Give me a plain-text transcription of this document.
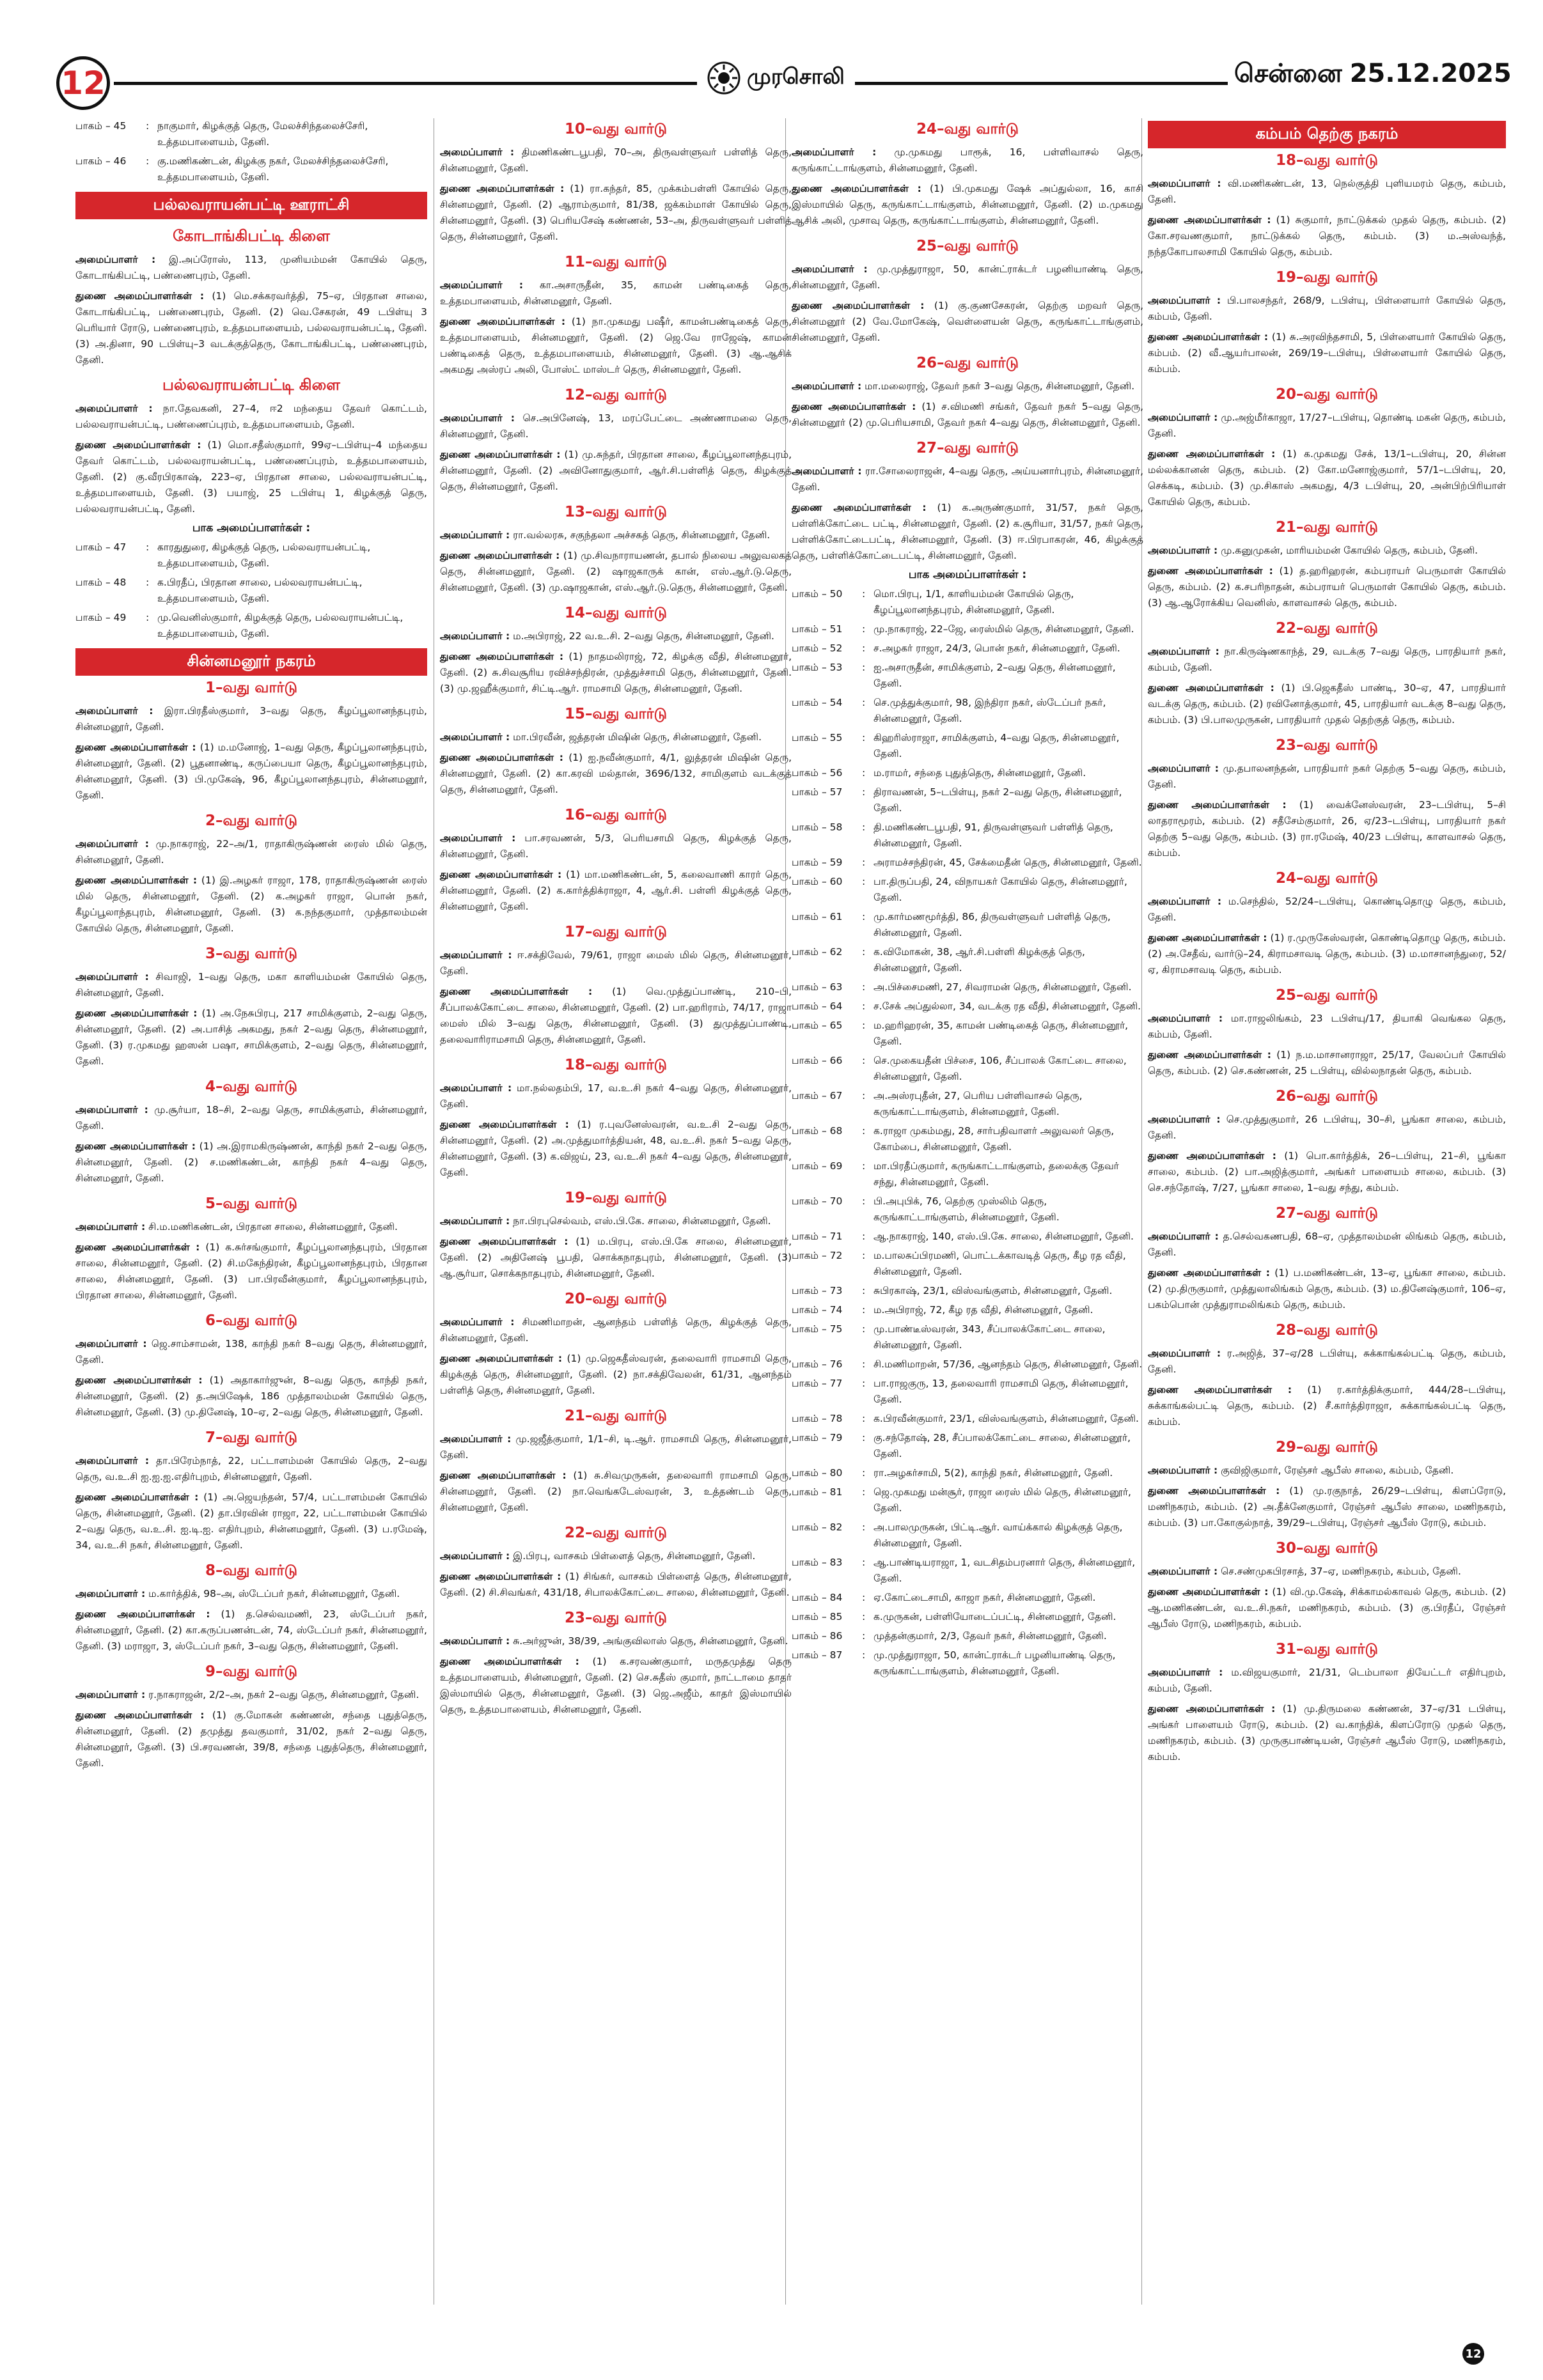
12	முரசொலி	சென்னை 25.12.2025
பாகம் – 45	: நாகுமார், கிழக்குத் தெரு, மேலச்சிந்தலைச்சேரி, உத்தமபாளையம், தேனி.
பாகம் – 46	: கு.மணிகண்டன், கிழக்கு நகர், மேலச்சிந்தலைச்சேரி, உத்தமபாளையம், தேனி.
பல்லவராயன்பட்டி ஊராட்சி
கோடாங்கிபட்டி கிளை

அமைப்பாளர் : இ.அப்ரோஸ், 113, முனியம்மன் கோயில் தெரு, கோடாங்கிபட்டி, பண்ணைபுரம், தேனி.

துணை அமைப்பாளர்கள் : (1) மெ.சக்கரவர்த்தி, 75–ஏ, பிரதான சாலை, கோடாங்கிபட்டி, பண்ணைபுரம், தேனி. (2) வெ.சேகரன், 49 டபிள்யு 3 பெரியார் ரோடு, பண்ணைபுரம், உத்தமபாளையம், பல்லவராயன்பட்டி, தேனி. (3) அ.தினா, 90 டபிள்யு–3 வடக்குத்தெரு, கோடாங்கிபட்டி, பண்ணைபுரம், தேனி.

பல்லவராயன்பட்டி கிளை

அமைப்பாளர் : நா.தேவகனி, 27–4, ஈ2 மந்தைய தேவர் கொட்டம், பல்லவராயன்பட்டி, பண்ணைப்புரம், உத்தமபாளையம், தேனி.

துணை அமைப்பாளர்கள் : (1) மொ.சதீஸ்குமார், 99ஏ–டபிள்யு–4 மந்தைய தேவர் கொட்டம், பல்லவராயன்பட்டி, பண்ணைப்புரம், உத்தமபாளையம், தேனி. (2) கு.வீரபிரகாஷ், 223–ஏ, பிரதான சாலை, பல்லவராயன்பட்டி, உத்தமபாளையம், தேனி. (3) பயாஜ், 25 டபிள்யு 1, கிழக்குத் தெரு, பல்லவராயன்பட்டி, தேனி.

பாக அமைப்பாளர்கள் :
பாகம் – 47	: காரதுதுரை, கிழக்குத் தெரு, பல்லவராயன்பட்டி, உத்தமபாளையம், தேனி.
பாகம் – 48	: க.பிரதீப், பிரதான சாலை, பல்லவராயன்பட்டி, உத்தமபாளையம், தேனி.
பாகம் – 49	: மு.வெனிஸ்குமார், கிழக்குத் தெரு, பல்லவராயன்பட்டி, உத்தமபாளையம், தேனி.
சின்னமனூர் நகரம்
1–வது வார்டு

அமைப்பாளர் : இரா.பிரதீஸ்குமார், 3–வது தெரு, கீழப்பூலானந்தபுரம், சின்னமனூர், தேனி.

துணை அமைப்பாளர்கள் : (1) ம.மனோஜ், 1–வது தெரு, கீழப்பூலானந்தபுரம், சின்னமனூர், தேனி. (2) பூதனாண்டி, கருப்பையா தெரு, கீழப்பூலானந்தபுரம், சின்னமனூர், தேனி. (3) பி.முகேஷ், 96, கீழப்பூலானந்தபுரம், சின்னமனூர், தேனி.

2–வது வார்டு

அமைப்பாளர் : மு.நாகராஜ், 22–அ/1, ராதாகிருஷ்ணன் ரைஸ் மில் தெரு, சின்னமனூர், தேனி.

துணை அமைப்பாளர்கள் : (1) இ.அழகர் ராஜா, 178, ராதாகிருஷ்ணன் ரைஸ் மில் தெரு, சின்னமனூர், தேனி. (2) க.அழகர் ராஜா, பொன் நகர், கீழப்பூலாந்தபுரம், சின்னமனூர், தேனி. (3) க.நந்தகுமார், முத்தாலம்மன் கோயில் தெரு, சின்னமனூர், தேனி.

3–வது வார்டு

அமைப்பாளர் : சிவாஜி, 1–வது தெரு, மகா காளியம்மன் கோயில் தெரு, சின்னமனூர், தேனி.

துணை அமைப்பாளர்கள் : (1) அ.நேசுபிரபு, 217 சாமிக்குளம், 2–வது தெரு, சின்னமனூர், தேனி. (2) அ.பாசித் அகமது, நகர் 2–வது தெரு, சின்னமனூர், தேனி. (3) ர.முகமது ஹஸன் பஷா, சாமிக்குளம், 2–வது தெரு, சின்னமனூர், தேனி.

4–வது வார்டு

அமைப்பாளர் : மு.சூர்யா, 18–சி, 2–வது தெரு, சாமிக்குளம், சின்னமனூர், தேனி.

துணை அமைப்பாளர்கள் : (1) அ.இராமகிருஷ்ணன், காந்தி நகர் 2–வது தெரு, சின்னமனூர், தேனி. (2) ச.மணிகண்டன், காந்தி நகர் 4–வது தெரு, சின்னமனூர், தேனி.

5–வது வார்டு

அமைப்பாளர் : சி.ம.மணிகண்டன், பிரதான சாலை, சின்னமனூர், தேனி.

துணை அமைப்பாளர்கள் : (1) க.சுர்சங்குமார், கீழப்பூலானந்தபுரம், பிரதான சாலை, சின்னமனூர், தேனி. (2) சி.மகேந்திரன், கீழப்பூலானந்தபுரம், பிரதான சாலை, சின்னமனூர், தேனி. (3) பா.பிரவீன்குமார், கீழப்பூலானந்தபுரம், பிரதான சாலை, சின்னமனூர், தேனி.

6–வது வார்டு

அமைப்பாளர் : ஜெ.சாம்சாமன், 138, காந்தி நகர் 8–வது தெரு, சின்னமனூர், தேனி.

துணை அமைப்பாளர்கள் : (1) அதாகார்ஜுன், 8–வது தெரு, காந்தி நகர், சின்னமனூர், தேனி. (2) த.அபிஷேக், 186 முத்தாலம்மன் கோயில் தெரு, சின்னமனூர், தேனி. (3) மு.தினேஷ், 10–ஏ, 2–வது தெரு, சின்னமனூர், தேனி.

7–வது வார்டு

அமைப்பாளர் : தா.பிரேம்நாத், 22, பட்டாளம்மன் கோயில் தெரு, 2–வது தெரு, வ.உ.சி ஐ.ஐ.ஐ.எதிர்புறம், சின்னமனூர், தேனி.

துணை அமைப்பாளர்கள் : (1) அ.ஜெயந்தன், 57/4, பட்டாளம்மன் கோயில் தெரு, சின்னமனூர், தேனி. (2) தா.பிரவின் ராஜா, 22, பட்டாளம்மன் கோயில் 2–வது தெரு, வ.உ.சி. ஐ.டி.ஐ. எதிர்புறம், சின்னமனூர், தேனி. (3) ப.ரமேஷ், 34, வ.உ.சி நகர், சின்னமனூர், தேனி.

8–வது வார்டு

அமைப்பாளர் : ம.கார்த்திக், 98–அ, ஸ்டேப்பர் நகர், சின்னமனூர், தேனி.

துணை அமைப்பாளர்கள் : (1) த.செல்வமணி, 23, ஸ்டேப்பர் நகர், சின்னமனூர், தேனி. (2) கா.கருப்பணன்டன், 74, ஸ்டேப்பர் நகர், சின்னமனூர், தேனி. (3) மராஜா, 3, ஸ்டேப்பர் நகர், 3–வது தெரு, சின்னமனூர், தேனி.

9–வது வார்டு

அமைப்பாளர் : ர.நாகராஜன், 2/2–அ, நகர் 2–வது தெரு, சின்னமனூர், தேனி.

துணை அமைப்பாளர்கள் : (1) கு.மோகன் கண்ணன், சந்தை புதுத்தெரு, சின்னமனூர், தேனி. (2) தமுத்து தவகுமார், 31/02, நகர் 2–வது தெரு, சின்னமனூர், தேனி. (3) பி.சரவணன், 39/8, சந்தை புதுத்தெரு, சின்னமனூர், தேனி.

10–வது வார்டு

அமைப்பாளர் : திமணிகண்டபூபதி, 70–அ, திருவள்ளுவர் பள்ளித் தெரு, சின்னமனூர், தேனி.

துணை அமைப்பாளர்கள் : (1) ரா.கந்தர், 85, முக்கம்பள்ளி கோயில் தெரு, சின்னமனூர், தேனி. (2) ஆராம்குமார், 81/38, ஜக்கம்மாள் கோயில் தெரு, சின்னமனூர், தேனி. (3) பெரியசேஷ் கண்ணன், 53–அ, திருவள்ளுவர் பள்ளித் தெரு, சின்னமனூர், தேனி.

11–வது வார்டு

அமைப்பாளர் : கா.அசாருதீன், 35, காமன் பண்டிகைத் தெரு, உத்தமபாளையம், சின்னமனூர், தேனி.

துணை அமைப்பாளர்கள் : (1) நா.முகமது பஷீர், காமன்பண்டிகைத் தெரு, உத்தமபாளையம், சின்னமனூர், தேனி. (2) ஜெ.வே ராஜேஷ், காமன் பண்டிகைத் தெரு, உத்தமபாளையம், சின்னமனூர், தேனி. (3) ஆ.ஆசிக் அகமது அஸ்ரப் அலி, போஸ்ட் மாஸ்டர் தெரு, சின்னமனூர், தேனி.

12–வது வார்டு

அமைப்பாளர் : செ.அபினேஷ், 13, மரப்பேட்டை அண்ணாமலை தெரு, சின்னமனூர், தேனி.

துணை அமைப்பாளர்கள் : (1) மு.சுந்தர், பிரதான சாலை, கீழப்பூலானந்தபுரம், சின்னமனூர், தேனி. (2) அவினோதுகுமார், ஆர்.சி.பள்ளித் தெரு, கிழக்குத் தெரு, சின்னமனூர், தேனி.

13–வது வார்டு

அமைப்பாளர் : ரா.வல்லரசு, சகுந்தலா அச்சகத் தெரு, சின்னமனூர், தேனி.

துணை அமைப்பாளர்கள் : (1) மு.சிவநாராயணன், தபால் நிலைய அலுவலகத் தெரு, சின்னமனூர், தேனி. (2) ஷாஜகாருக் கான், எஸ்.ஆர்.டு.தெரு, சின்னமனூர், தேனி. (3) மு.ஷாஜகான், எஸ்.ஆர்.டு.தெரு, சின்னமனூர், தேனி.

14–வது வார்டு

அமைப்பாளர் : ம.அபிராஜ், 22 வ.உ.சி. 2–வது தெரு, சின்னமனூர், தேனி.

துணை அமைப்பாளர்கள் : (1) நாதமலிராஜ், 72, கிழக்கு வீதி, சின்னமனூர், தேனி. (2) சு.சிவசூரிய ரவிச்சந்திரன், முத்துச்சாமி தெரு, சின்னமனூர், தேனி. (3) மு.ஜஹீக்குமார், சிட்டி.ஆர். ராமசாமி தெரு, சின்னமனூர், தேனி.

15–வது வார்டு

அமைப்பாளர் : மா.பிரவீன், ஜத்தரன் மிஷின் தெரு, சின்னமனூர், தேனி.

துணை அமைப்பாளர்கள் : (1) ஐ.நவீன்குமார், 4/1, லுத்தரன் மிஷின் தெரு, சின்னமனூர், தேனி. (2) கா.கரவி மல்தான், 3696/132, சாமிகுளம் வடக்குத் தெரு, சின்னமனூர், தேனி.

16–வது வார்டு

அமைப்பாளர் : பா.சரவணன், 5/3, பெரியசாமி தெரு, கிழக்குத் தெரு, சின்னமனூர், தேனி.

துணை அமைப்பாளர்கள் : (1) மா.மணிகண்டன், 5, கலைவாணி காரர் தெரு, சின்னமனூர், தேனி. (2) க.கார்த்திக்ராஜா, 4, ஆர்.சி. பள்ளி கிழக்குத் தெரு, சின்னமனூர், தேனி.

17–வது வார்டு

அமைப்பாளர் : ஈ.சக்திவேல், 79/61, ராஜா மைஸ் மில் தெரு, சின்னமனூர், தேனி.

துணை அமைப்பாளர்கள் : (1) வெ.முத்துப்பாண்டி, 210–பி, சீப்பாலக்கோட்டை சாலை, சின்னமனூர், தேனி. (2) பா.ஹரிராம், 74/17, ராஜா மைஸ் மில் 3–வது தெரு, சின்னமனூர், தேனி. (3) துமுத்துப்பாண்டி, தலைவாரிராமசாமி தெரு, சின்னமனூர், தேனி.

18–வது வார்டு

அமைப்பாளர் : மா.நல்லதம்பி, 17, வ.உ.சி நகர் 4–வது தெரு, சின்னமனூர், தேனி.

துணை அமைப்பாளர்கள் : (1) ர.புவனேஸ்வரன், வ.உ.சி 2–வது தெரு, சின்னமனூர், தேனி. (2) அ.முத்துமார்த்தியன், 48, வ.உ.சி. நகர் 5–வது தெரு, சின்னமனூர், தேனி. (3) க.விஜய், 23, வ.உ.சி நகர் 4–வது தெரு, சின்னமனூர், தேனி.

19–வது வார்டு

அமைப்பாளர் : நா.பிரபுசெல்வம், எஸ்.பி.கே. சாலை, சின்னமனூர், தேனி.

துணை அமைப்பாளர்கள் : (1) ம.பிரபு, எஸ்.பி.கே சாலை, சின்னமனூர், தேனி. (2) அதினேஷ் பூபதி, சொக்கநாதபுரம், சின்னமனூர், தேனி. (3) ஆ.சூர்யா, சொக்கநாதபுரம், சின்னமனூர், தேனி.

20–வது வார்டு

அமைப்பாளர் : சிமணிமாறன், ஆனந்தம் பள்ளித் தெரு, கிழக்குத் தெரு, சின்னமனூர், தேனி.

துணை அமைப்பாளர்கள் : (1) மு.ஜெகதீஸ்வரன், தலைவாரி ராமசாமி தெரு, கிழக்குத் தெரு, சின்னமனூர், தேனி. (2) நா.சக்திவேலன், 61/31, ஆனந்தம் பள்ளித் தெரு, சின்னமனூர், தேனி.

21–வது வார்டு

அமைப்பாளர் : மு.ஜஜீத்குமார், 1/1–சி, டி.ஆர். ராமசாமி தெரு, சின்னமனூர், தேனி.

துணை அமைப்பாளர்கள் : (1) சு.சிவமுருகன், தலைவாரி ராமசாமி தெரு, சின்னமனூர், தேனி. (2) நா.வெங்கடேஸ்வரன், 3, உத்தண்டம் தெரு, சின்னமனூர், தேனி.

22–வது வார்டு

அமைப்பாளர் : இ.பிரபு, வாசகம் பிள்ளைத் தெரு, சின்னமனூர், தேனி.

துணை அமைப்பாளர்கள் : (1) சிங்கர், வாசகம் பிள்ளைத் தெரு, சின்னமனூர், தேனி. (2) சி.சிவங்கர், 431/18, சிபாலக்கோட்டை சாலை, சின்னமனூர், தேனி.

23–வது வார்டு

அமைப்பாளர் : சு.அர்ஜுன், 38/39, அங்குவிலாஸ் தெரு, சின்னமனூர், தேனி.

துணை அமைப்பாளர்கள் : (1) க.சரவண்குமார், மருதமுத்து தெரு உத்தமபாளையம், சின்னமனூர், தேனி. (2) செ.சுதீஸ் குமார், நாட்டாமை தாதர் இஸ்மாயில் தெரு, சின்னமனூர், தேனி. (3) ஜெ.அஜீம், காதர் இஸ்மாயில் தெரு, உத்தமபாளையம், சின்னமனூர், தேனி.

24–வது வார்டு

அமைப்பாளர் : மு.முகமது பாரூக், 16, பள்ளிவாசல் தெரு, கருங்காட்டாங்குளம், சின்னமனூர், தேனி.

துணை அமைப்பாளர்கள் : (1) பி.முகமது ஷேக் அப்துல்லா, 16, காசி இஸ்மாயில் தெரு, கருங்காட்டாங்குளம், சின்னமனூர், தேனி. (2) ம.முகமது ஆசிக் அலி, முசாவு தெரு, கருங்காட்டாங்குளம், சின்னமனூர், தேனி.

25–வது வார்டு

அமைப்பாளர் : மு.முத்துராஜா, 50, கான்ட்ராக்டர் பழனியாண்டி தெரு, சின்னமனூர், தேனி.

துணை அமைப்பாளர்கள் : (1) கு.குணசேகரன், தெற்கு மறவர் தெரு, சின்னமனூர் (2) வே.மோகேஷ், வெள்ளையன் தெரு, கருங்காட்டாங்குளம், சின்னமனூர், தேனி.

26–வது வார்டு

அமைப்பாளர் : மா.மலைராஜ், தேவர் நகர் 3–வது தெரு, சின்னமனூர், தேனி.

துணை அமைப்பாளர்கள் : (1) ச.விமணி சங்கர், தேவர் நகர் 5–வது தெரு, சின்னமனூர் (2) மு.பெரியசாமி, தேவர் நகர் 4–வது தெரு, சின்னமனூர், தேனி.

27–வது வார்டு

அமைப்பாளர் : ரா.சோலைராஜன், 4–வது தெரு, அய்யனார்புரம், சின்னமனூர், தேனி.

துணை அமைப்பாளர்கள் : (1) க.அருண்குமார், 31/57, நகர் தெரு, பள்ளிக்கோட்டை பட்டி, சின்னமனூர், தேனி. (2) க.சூரியா, 31/57, நகர் தெரு, பள்ளிக்கோட்டைபட்டி, சின்னமனூர், தேனி. (3) ஈ.பிரபாகரன், 46, கிழக்குத் தெரு, பள்ளிக்கோட்டைபட்டி, சின்னமனூர், தேனி.

பாக அமைப்பாளர்கள் :
பாகம் – 50	: மொ.பிரபு, 1/1, காளியம்மன் கோயில் தெரு, கீழப்பூலானந்தபுரம், சின்னமனூர், தேனி.
பாகம் – 51	: மு.நாகராஜ், 22–ஜே, ரைஸ்மில் தெரு, சின்னமனூர், தேனி.
பாகம் – 52	: ச.அழகர் ராஜா, 24/3, பொன் நகர், சின்னமனூர், தேனி.
பாகம் – 53	: ஐ.அசாருதீன், சாமிக்குளம், 2–வது தெரு, சின்னமனூர், தேனி.
பாகம் – 54	: செ.முத்துக்குமார், 98, இந்திரா நகர், ஸ்டேப்பர் நகர், சின்னமனூர், தேனி.
பாகம் – 55	: கிஹரிஸ்ராஜா, சாமிக்குளம், 4–வது தெரு, சின்னமனூர், தேனி.
பாகம் – 56	: ம.ராமர், சந்தை புதுத்தெரு, சின்னமனூர், தேனி.
பாகம் – 57	: திராவணன், 5–டபிள்யு, நகர் 2–வது தெரு, சின்னமனூர், தேனி.
பாகம் – 58	: தி.மணிகண்டபூபதி, 91, திருவள்ளுவர் பள்ளித் தெரு, சின்னமனூர், தேனி.
பாகம் – 59	: அராமச்சந்திரன், 45, சேக்மைதீன் தெரு, சின்னமனூர், தேனி.
பாகம் – 60	: பா.திருப்பதி, 24, விநாயகர் கோயில் தெரு, சின்னமனூர், தேனி.
பாகம் – 61	: மு.கார்மணமூர்த்தி, 86, திருவள்ளுவர் பள்ளித் தெரு, சின்னமனூர், தேனி.
பாகம் – 62	: க.விமோகன், 38, ஆர்.சி.பள்ளி கிழக்குத் தெரு, சின்னமனூர், தேனி.
பாகம் – 63	: அ.பிச்சைமணி, 27, சிவராமன் தெரு, சின்னமனூர், தேனி.
பாகம் – 64	: ச.சேக் அப்துல்லா, 34, வடக்கு ரத வீதி, சின்னமனூர், தேனி.
பாகம் – 65	: ம.ஹரிஹரன், 35, காமன் பண்டிகைத் தெரு, சின்னமனூர், தேனி.
பாகம் – 66	: செ.முகையதீன் பிச்சை, 106, சீப்பாலக் கோட்டை சாலை, சின்னமனூர், தேனி.
பாகம் – 67	: அ.அஸ்ரபுதீன், 27, பெரிய பள்ளிவாசல் தெரு, கருங்காட்டாங்குளம், சின்னமனூர், தேனி.
பாகம் – 68	: க.ராஜா முகம்மது, 28, சார்பதிவாளர் அலுவலர் தெரு, கோம்பை, சின்னமனூர், தேனி.
பாகம் – 69	: மா.பிரதீப்குமார், கருங்காட்டாங்குளம், தலைக்கு தேவர் சந்து, சின்னமனூர், தேனி.
பாகம் – 70	: பி.அபுபிக், 76, தெற்கு முஸ்லிம் தெரு, கருங்காட்டாங்குளம், சின்னமனூர், தேனி.
பாகம் – 71	: ஆ.நாகராஜ், 140, எஸ்.பி.கே. சாலை, சின்னமனூர், தேனி.
பாகம் – 72	: ம.பாலசுப்பிரமணி, பொட்டக்காவடித் தெரு, கீழ ரத வீதி, சின்னமனூர், தேனி.
பாகம் – 73	: சுபிரகாஷ், 23/1, விஸ்வங்குளம், சின்னமனூர், தேனி.
பாகம் – 74	: ம.அபிராஜ், 72, கீழ ரத வீதி, சின்னமனூர், தேனி.
பாகம் – 75	: மு.பாண்டீஸ்வரன், 343, சீப்பாலக்கோட்டை சாலை, சின்னமனூர், தேனி.
பாகம் – 76	: சி.மணிமாறன், 57/36, ஆனந்தம் தெரு, சின்னமனூர், தேனி.
பாகம் – 77	: பா.ராஜகுரு, 13, தலைவாரி ராமசாமி தெரு, சின்னமனூர், தேனி.
பாகம் – 78	: க.பிரவீன்குமார், 23/1, விஸ்வங்குளம், சின்னமனூர், தேனி.
பாகம் – 79	: கு.சந்தோஷ், 28, சீப்பாலக்கோட்டை சாலை, சின்னமனூர், தேனி.
பாகம் – 80	: ரா.அழகர்சாமி, 5(2), காந்தி நகர், சின்னமனூர், தேனி.
பாகம் – 81	: ஜெ.முகமது மன்சூர், ராஜா ரைஸ் மில் தெரு, சின்னமனூர், தேனி.
பாகம் – 82	: அ.பாலமுருகன், பிட்டி.ஆர். வாய்க்கால் கிழக்குத் தெரு, சின்னமனூர், தேனி.
பாகம் – 83	: ஆ.பாண்டியராஜா, 1, வடசிதம்பரனார் தெரு, சின்னமனூர், தேனி.
பாகம் – 84	: ஏ.கோட்டைசாமி, காஜா நகர், சின்னமனூர், தேனி.
பாகம் – 85	: க.முருகன், பள்ளியோடைப்பட்டி, சின்னமனூர், தேனி.
பாகம் – 86	: முத்தன்குமார், 2/3, தேவர் நகர், சின்னமனூர், தேனி.
பாகம் – 87	: மு.முத்துராஜா, 50, கான்ட்ராக்டர் பழனியாண்டி தெரு, கருங்காட்டாங்குளம், சின்னமனூர், தேனி.
கம்பம் தெற்கு நகரம்
18–வது வார்டு

அமைப்பாளர் : வி.மணிகண்டன், 13, நெல்குத்தி புளியமரம் தெரு, கம்பம், தேனி.

துணை அமைப்பாளர்கள் : (1) சுகுமார், நாட்டுக்கல் முதல் தெரு, கம்பம். (2) கோ.சரவணகுமார், நாட்டுக்கல் தெரு, கம்பம். (3) ம.அஸ்வந்த், நந்தகோபாலசாமி கோயில் தெரு, கம்பம்.

19–வது வார்டு

அமைப்பாளர் : பி.பாலசந்தர், 268/9, டபிள்யு, பிள்ளையார் கோயில் தெரு, கம்பம், தேனி.

துணை அமைப்பாளர்கள் : (1) சு.அரவிந்தசாமி, 5, பிள்ளையார் கோயில் தெரு, கம்பம். (2) வீ.ஆயர்பாலன், 269/19–டபிள்யு, பிள்ளையார் கோயில் தெரு, கம்பம்.

20–வது வார்டு

அமைப்பாளர் : மு.அஜ்மீர்காஜா, 17/27–டபிள்யு, தொண்டி மகன் தெரு, கம்பம், தேனி.

துணை அமைப்பாளர்கள் : (1) க.முகமது சேக், 13/1–டபிள்யு, 20, சின்ன மல்லக்கானன் தெரு, கம்பம். (2) கோ.மனோஜ்குமார், 57/1–டபிள்யு, 20, செக்கடி, கம்பம். (3) மு.சிகாஸ் அகமது, 4/3 டபிள்யு, 20, அன்பிற்பிரியாள் கோயில் தெரு, கம்பம்.

21–வது வார்டு

அமைப்பாளர் : மு.கனுமுகன், மாரியம்மன் கோயில் தெரு, கம்பம், தேனி.

துணை அமைப்பாளர்கள் : (1) த.ஹரிஹரன், கம்பராயர் பெருமாள் கோயில் தெரு, கம்பம். (2) க.சபரிநாதன், கம்பராயர் பெருமாள் கோயில் தெரு, கம்பம். (3) ஆ.ஆரோக்கிய வெனிஸ், காளவாசல் தெரு, கம்பம்.

22–வது வார்டு

அமைப்பாளர் : நா.கிருஷ்ணகாந்த், 29, வடக்கு 7–வது தெரு, பாரதியார் நகர், கம்பம், தேனி.

துணை அமைப்பாளர்கள் : (1) பி.ஜெகதீஸ் பாண்டி, 30–ஏ, 47, பாரதியார் வடக்கு தெரு, கம்பம். (2) ரவினோத்குமார், 45, பாரதியார் வடக்கு 8–வது தெரு, கம்பம். (3) பி.பாலமுருகன், பாரதியார் முதல் தெற்குத் தெரு, கம்பம்.

23–வது வார்டு

அமைப்பாளர் : மு.தபாலனந்தன், பாரதியார் நகர் தெற்கு 5–வது தெரு, கம்பம், தேனி.

துணை அமைப்பாளர்கள் : (1) வைக்னேஸ்வரன், 23–டபிள்யு, 5–சி லாதராமூரம், கம்பம். (2) சதீசேம்குமார், 26, ஏ/23–டபிள்யு, பாரதியார் நகர் தெற்கு 5–வது தெரு, கம்பம். (3) ரா.ரமேஷ், 40/23 டபிள்யு, காளவாசல் தெரு, கம்பம்.

24–வது வார்டு

அமைப்பாளர் : ம.செந்தில், 52/24–டபிள்யு, கொண்டிதொழு தெரு, கம்பம், தேனி.

துணை அமைப்பாளர்கள் : (1) ர.முருகேஸ்வரன், கொண்டிதொழு தெரு, கம்பம். (2) அ.சேதீவ், வார்டு–24, கிராமசாவடி தெரு, கம்பம். (3) ம.மாசானந்துரை, 52/ஏ, கிராமசாவடி தெரு, கம்பம்.

25–வது வார்டு

அமைப்பாளர் : மா.ராஜலிங்கம், 23 டபிள்யு/17, தியாகி வெங்கல தெரு, கம்பம், தேனி.

துணை அமைப்பாளர்கள் : (1) ந.ம.மாசானராஜா, 25/17, வேலப்பர் கோயில் தெரு, கம்பம். (2) செ.கண்ணன், 25 டபிள்யு, வில்லநாதன் தெரு, கம்பம்.

26–வது வார்டு

அமைப்பாளர் : செ.முத்துகுமார், 26 டபிள்யு, 30–சி, பூங்கா சாலை, கம்பம், தேனி.

துணை அமைப்பாளர்கள் : (1) பொ.கார்த்திக், 26–டபிள்யு, 21–சி, பூங்கா சாலை, கம்பம். (2) பா.அஜித்குமார், அங்கர் பாளையம் சாலை, கம்பம். (3) செ.சந்தோஷ், 7/27, பூங்கா சாலை, 1–வது சந்து, கம்பம்.

27–வது வார்டு

அமைப்பாளர் : த.செல்வகணபதி, 68–ஏ, முத்தாலம்மன் லிங்கம் தெரு, கம்பம், தேனி.

துணை அமைப்பாளர்கள் : (1) ப.மணிகண்டன், 13–ஏ, பூங்கா சாலை, கம்பம். (2) மு.திருகுமார், முத்துலாலிங்கம் தெரு, கம்பம். (3) ம.தினேஷ்குமார், 106–ஏ, பகம்பொன் முத்துராமலிங்கம் தெரு, கம்பம்.

28–வது வார்டு

அமைப்பாளர் : ர.அஜித், 37–ஏ/28 டபிள்யு, சுக்காங்கல்பட்டி தெரு, கம்பம், தேனி.

துணை அமைப்பாளர்கள் : (1) ர.கார்த்திக்குமார், 444/28–டபிள்யு, சுக்காங்கல்பட்டி தெரு, கம்பம். (2) சீ.கார்த்திராஜா, சுக்காங்கல்பட்டி தெரு, கம்பம்.

29–வது வார்டு

அமைப்பாளர் : குவிஜிகுமார், ரேஞ்சர் ஆபீஸ் சாலை, கம்பம், தேனி.

துணை அமைப்பாளர்கள் : (1) மு.ரகுநாத், 26/29–டபிள்யு, கிளப்ரோடு, மணிநகரம், கம்பம். (2) அ.தீக்னேகுமார், ரேஞ்சர் ஆபீஸ் சாலை, மணிநகரம், கம்பம். (3) பா.கோகுல்நாத், 39/29–டபிள்யு, ரேஞ்சர் ஆபீஸ் ரோடு, கம்பம்.

30–வது வார்டு

அமைப்பாளர் : செ.சண்முகபிரசாத், 37–ஏ, மணிநகரம், கம்பம், தேனி.

துணை அமைப்பாளர்கள் : (1) வி.மு.கேஷ், சிக்காமல்காவல் தெரு, கம்பம். (2) ஆ.மணிகண்டன், வ.உ.சி.நகர், மணிநகரம், கம்பம். (3) கு.பிரதீப், ரேஞ்சர் ஆபீஸ் ரோடு, மணிநகரம், கம்பம்.

31–வது வார்டு

அமைப்பாளர் : ம.விஜயகுமார், 21/31, டெம்பாலா தியேட்டர் எதிர்புறம், கம்பம், தேனி.

துணை அமைப்பாளர்கள் : (1) மு.திருமலை கண்ணன், 37–ஏ/31 டபிள்யு, அங்கர் பாளையம் ரோடு, கம்பம். (2) வ.காந்திக், கிளப்ரோடு முதல் தெரு, மணிநகரம், கம்பம். (3) முருகுபாண்டியன், ரேஞ்சர் ஆபீஸ் ரோடு, மணிநகரம், கம்பம்.

12
